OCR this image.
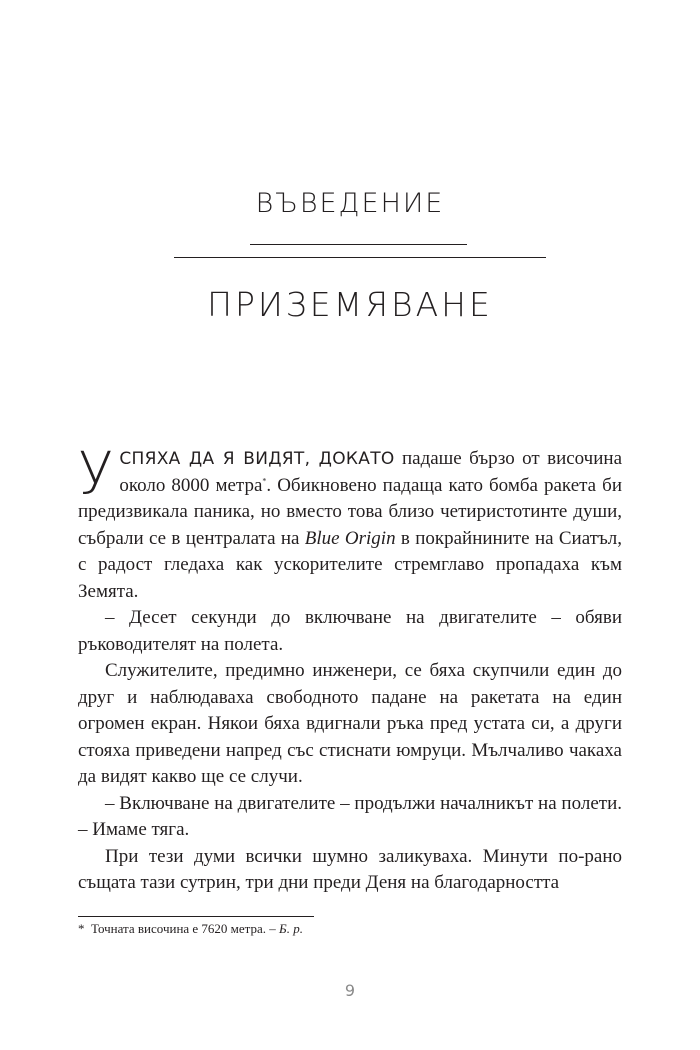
ВЪВЕДЕНИЕ
ПРИЗЕМЯВАНЕ

УСПЯХА ДА Я ВИДЯТ, ДОКАТО падаше бързо от височина около 8000 метра*. Обикновено падаща като бомба ракета би предизвикала паника, но вместо това близо четиристотинте души, събрали се в централата на Blue Origin в покрайнините на Сиатъл, с радост гледаха как ускорителите стремглаво пропадаха към Земята.

– Десет секунди до включване на двигателите – обяви ръководителят на полета.

Служителите, предимно инженери, се бяха скупчили един до друг и наблюдаваха свободното падане на ракетата на един огромен екран. Някои бяха вдигнали ръка пред устата си, а други стояха приведени напред със стиснати юмруци. Мълчаливо чакаха да видят какво ще се случи.

– Включване на двигателите – продължи началникът на полети. – Имаме тяга.

При тези думи всички шумно заликуваха. Минути по-рано същата тази сутрин, три дни преди Деня на благодарността

* Точната височина е 7620 метра. – Б. р.

9
